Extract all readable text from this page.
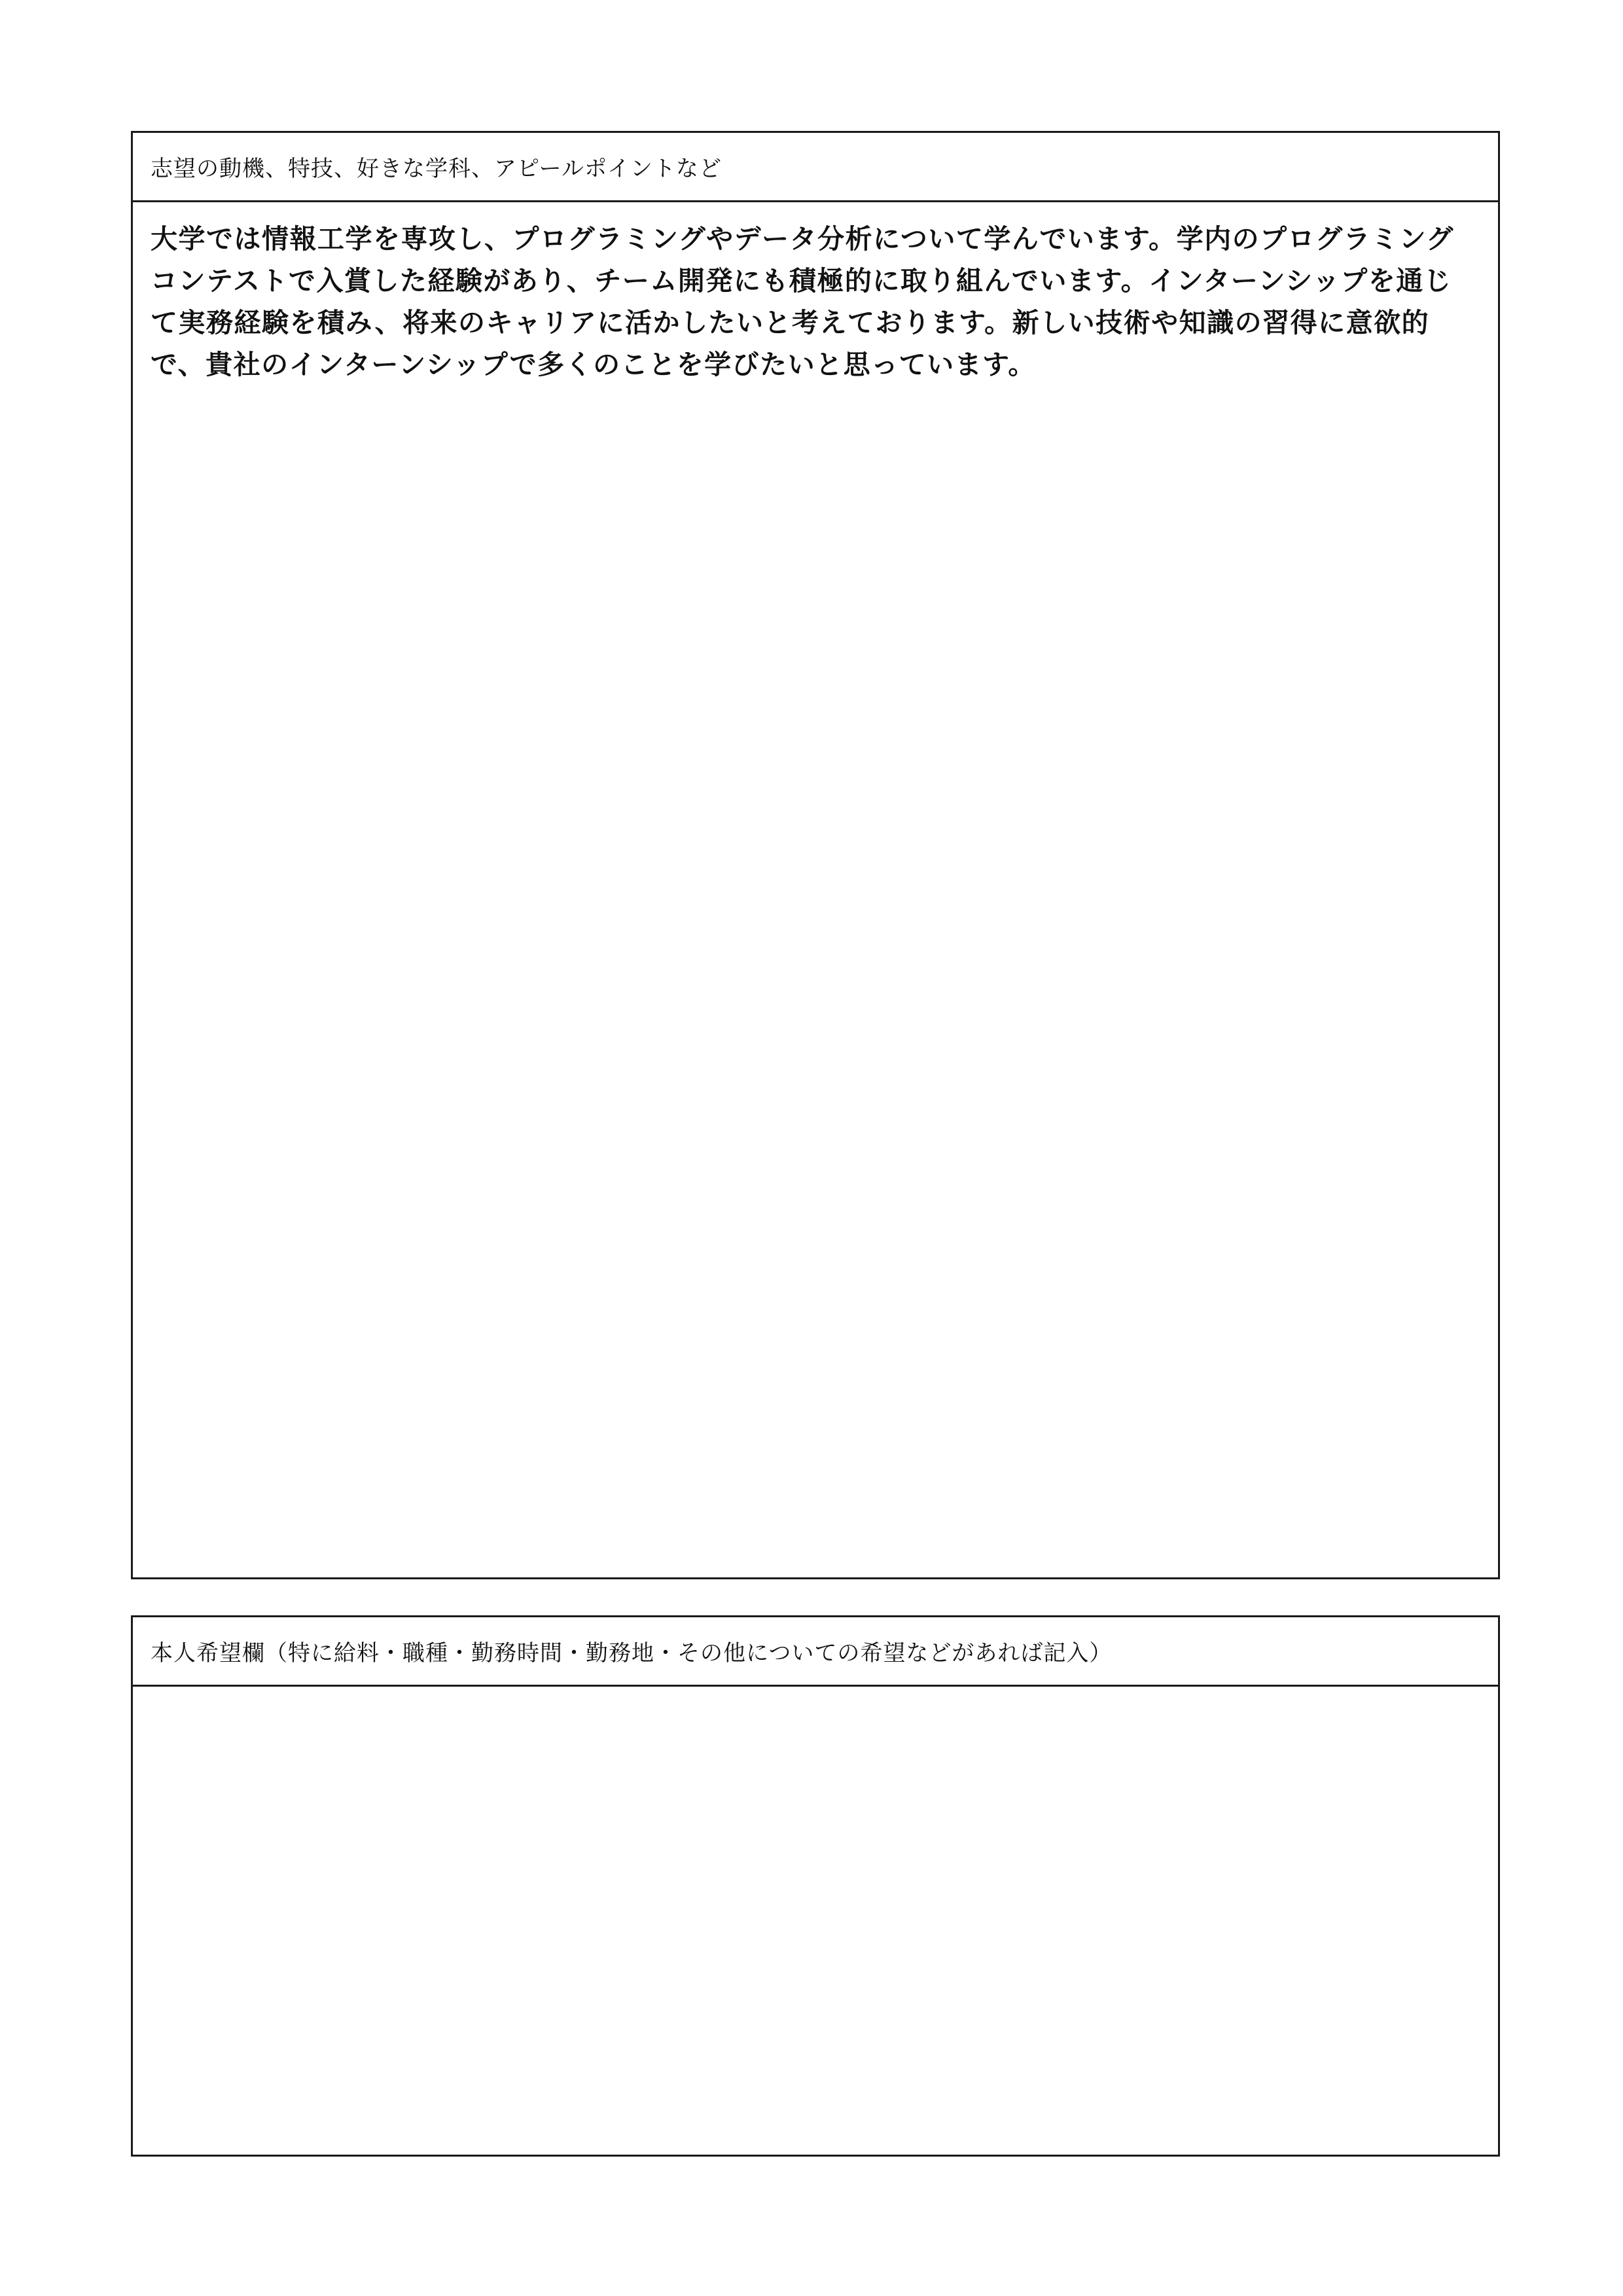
志望の動機、特技、好きな学科、アピールポイントなど
大学では情報工学を専攻し、プログラミングやデータ分析について学んでいます。学内のプログラミングコンテストで入賞した経験があり、チーム開発にも積極的に取り組んでいます。インターンシップを通じて実務経験を積み、将来のキャリアに活かしたいと考えております。新しい技術や知識の習得に意欲的で、貴社のインターンシップで多くのことを学びたいと思っています。
本人希望欄（特に給料・職種・勤務時間・勤務地・その他についての希望などがあれば記入）
